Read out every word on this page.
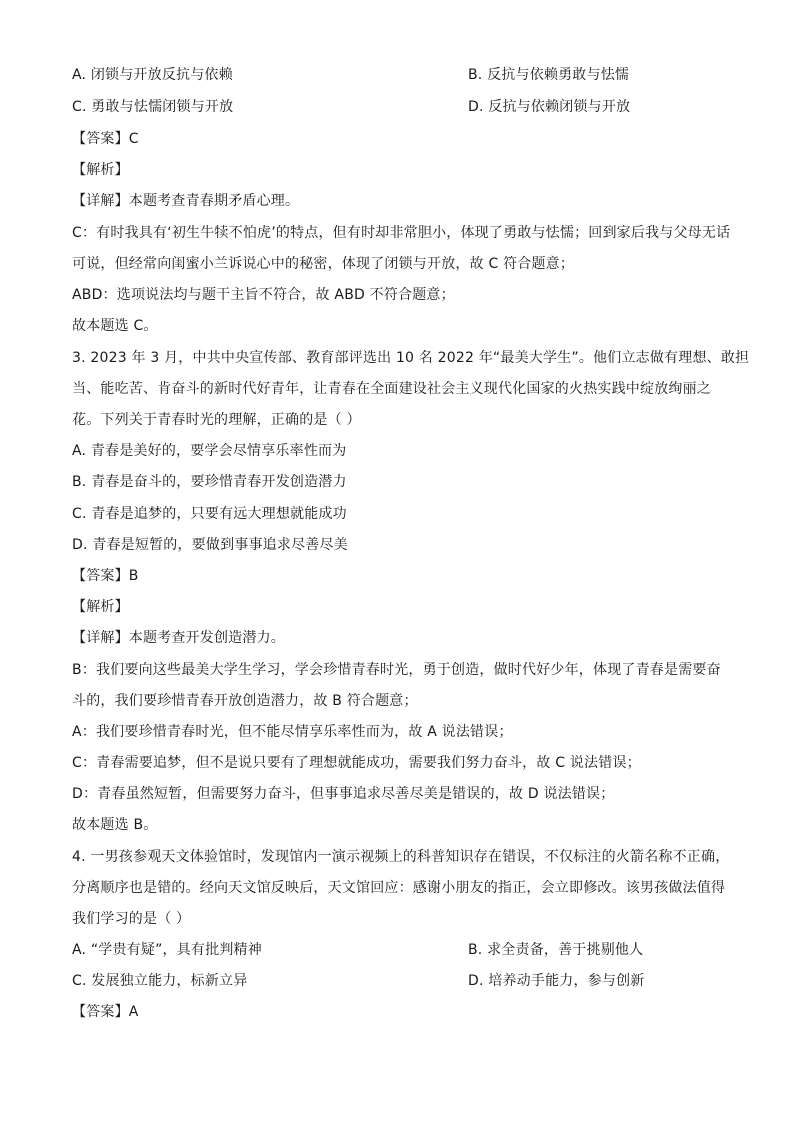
A. 闭锁与开放反抗与依赖	B. 反抗与依赖勇敢与怯懦
C. 勇敢与怯懦闭锁与开放	D. 反抗与依赖闭锁与开放
【答案】C
【解析】
【详解】本题考查青春期矛盾心理。
C：有时我具有‘初生牛犊不怕虎’的特点，但有时却非常胆小，体现了勇敢与怯懦；回到家后我与父母无话
可说，但经常向闺蜜小兰诉说心中的秘密，体现了闭锁与开放，故 C 符合题意；
ABD：选项说法均与题干主旨不符合，故 ABD 不符合题意；
故本题选 C。
3. 2023 年 3 月，中共中央宣传部、教育部评选出 10 名 2022 年“最美大学生”。他们立志做有理想、敢担
当、能吃苦、肯奋斗的新时代好青年，让青春在全面建设社会主义现代化国家的火热实践中绽放绚丽之
花。下列关于青春时光的理解，正确的是（ ）
A. 青春是美好的，要学会尽情享乐率性而为
B. 青春是奋斗的，要珍惜青春开发创造潜力
C. 青春是追梦的，只要有远大理想就能成功
D. 青春是短暂的，要做到事事追求尽善尽美
【答案】B
【解析】
【详解】本题考查开发创造潜力。
B：我们要向这些最美大学生学习，学会珍惜青春时光，勇于创造，做时代好少年，体现了青春是需要奋
斗的，我们要珍惜青春开放创造潜力，故 B 符合题意；
A：我们要珍惜青春时光，但不能尽情享乐率性而为，故 A 说法错误；
C：青春需要追梦，但不是说只要有了理想就能成功，需要我们努力奋斗，故 C 说法错误；
D：青春虽然短暂，但需要努力奋斗，但事事追求尽善尽美是错误的，故 D 说法错误；
故本题选 B。
4. 一男孩参观天文体验馆时，发现馆内一演示视频上的科普知识存在错误，不仅标注的火箭名称不正确，
分离顺序也是错的。经向天文馆反映后，天文馆回应：感谢小朋友的指正，会立即修改。该男孩做法值得
我们学习的是（ ）
A. “学贵有疑”，具有批判精神	B. 求全责备，善于挑剔他人
C. 发展独立能力，标新立异	D. 培养动手能力，参与创新
【答案】A
